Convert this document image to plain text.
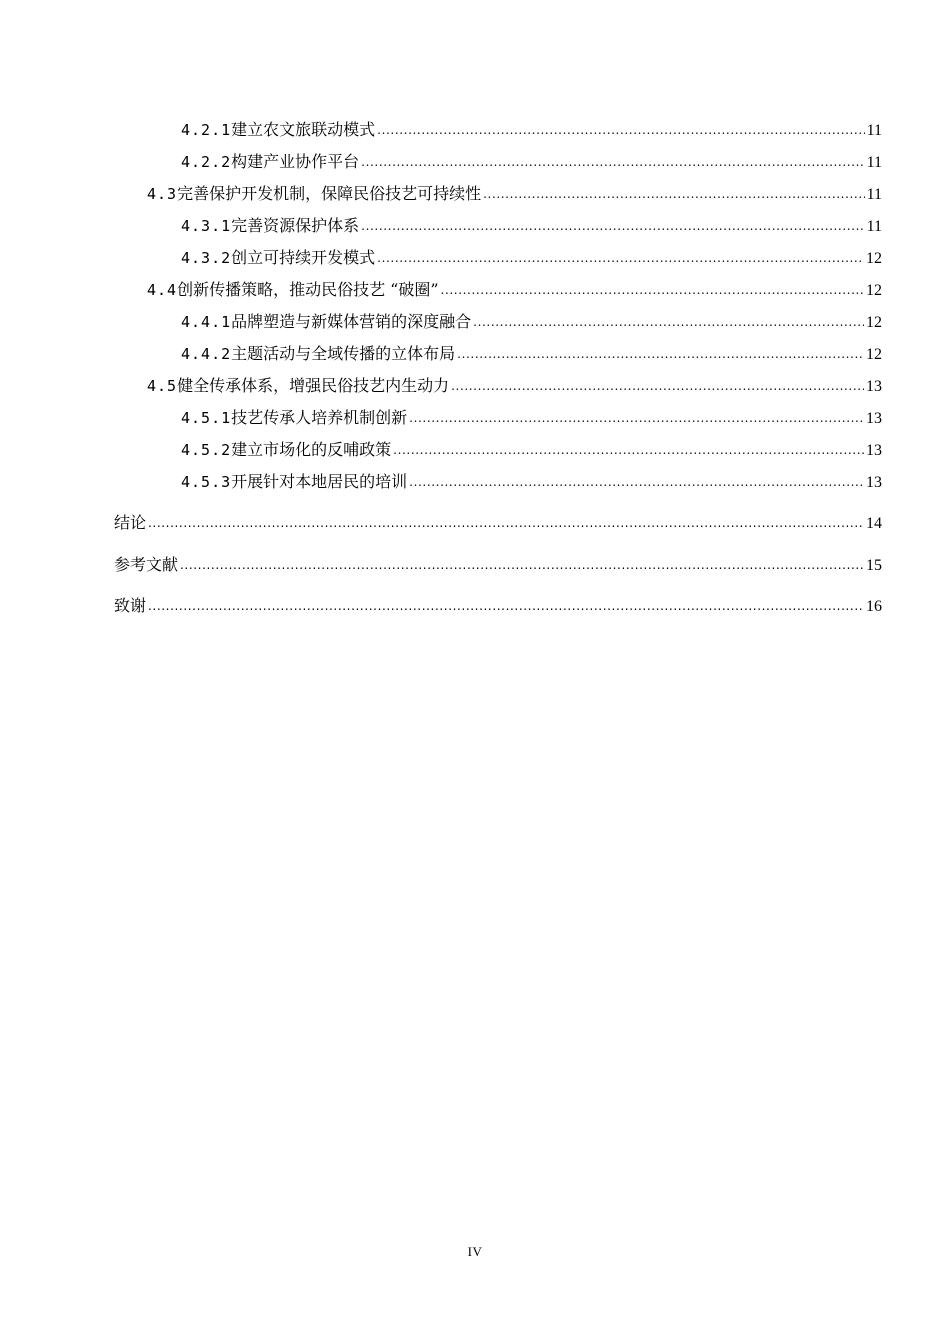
4.2.1 建立农文旅联动模式 .....	11
4.2.2 构建产业协作平台 .....	11
4.3 完善保护开发机制，保障民俗技艺可持续性 .....	11
4.3.1 完善资源保护体系 .....	11
4.3.2 创立可持续开发模式 .....	12
4.4 创新传播策略，推动民俗技艺 “破圈” .....	12
4.4.1 品牌塑造与新媒体营销的深度融合 .....	12
4.4.2 主题活动与全域传播的立体布局 .....	12
4.5 健全传承体系，增强民俗技艺内生动力 .....	13
4.5.1 技艺传承人培养机制创新 .....	13
4.5.2 建立市场化的反哺政策 .....	13
4.5.3 开展针对本地居民的培训 .....	13
结论 .....	14
参考文献 .....	15
致谢 .....	16
IV
